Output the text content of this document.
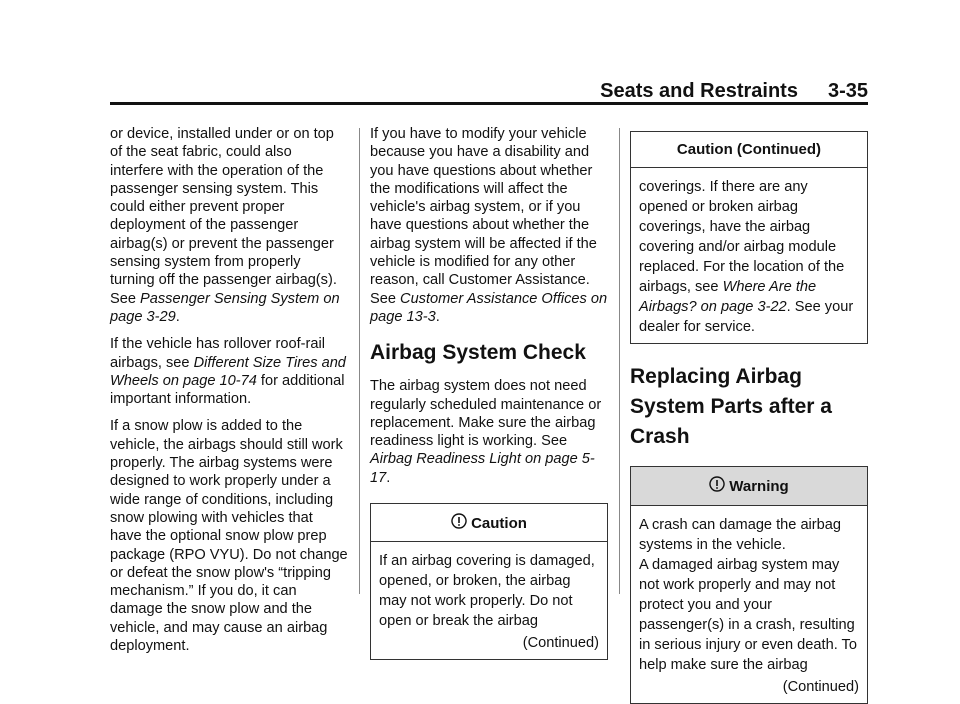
Seats and Restraints 3-35

or device, installed under or on top of the seat fabric, could also interfere with the operation of the passenger sensing system. This could either prevent proper deployment of the passenger airbag(s) or prevent the passenger sensing system from properly turning off the passenger airbag(s). See Passenger Sensing System on page 3-29.

If the vehicle has rollover roof-rail airbags, see Different Size Tires and Wheels on page 10-74 for additional important information.

If a snow plow is added to the vehicle, the airbags should still work properly. The airbag systems were designed to work properly under a wide range of conditions, including snow plowing with vehicles that have the optional snow plow prep package (RPO VYU). Do not change or defeat the snow plow's “tripping mechanism.” If you do, it can damage the snow plow and the vehicle, and may cause an airbag deployment.

If you have to modify your vehicle because you have a disability and you have questions about whether the modifications will affect the vehicle's airbag system, or if you have questions about whether the airbag system will be affected if the vehicle is modified for any other reason, call Customer Assistance. See Customer Assistance Offices on page 13-3.

Airbag System Check

The airbag system does not need regularly scheduled maintenance or replacement. Make sure the airbag readiness light is working. See Airbag Readiness Light on page 5-17.

Caution

If an airbag covering is damaged, opened, or broken, the airbag may not work properly. Do not open or break the airbag

(Continued)

Caution (Continued)

coverings. If there are any opened or broken airbag coverings, have the airbag covering and/or airbag module replaced. For the location of the airbags, see Where Are the Airbags? on page 3-22. See your dealer for service.

Replacing Airbag System Parts after a Crash
Warning

A crash can damage the airbag systems in the vehicle.

A damaged airbag system may not work properly and may not protect you and your passenger(s) in a crash, resulting in serious injury or even death. To help make sure the airbag

(Continued)
